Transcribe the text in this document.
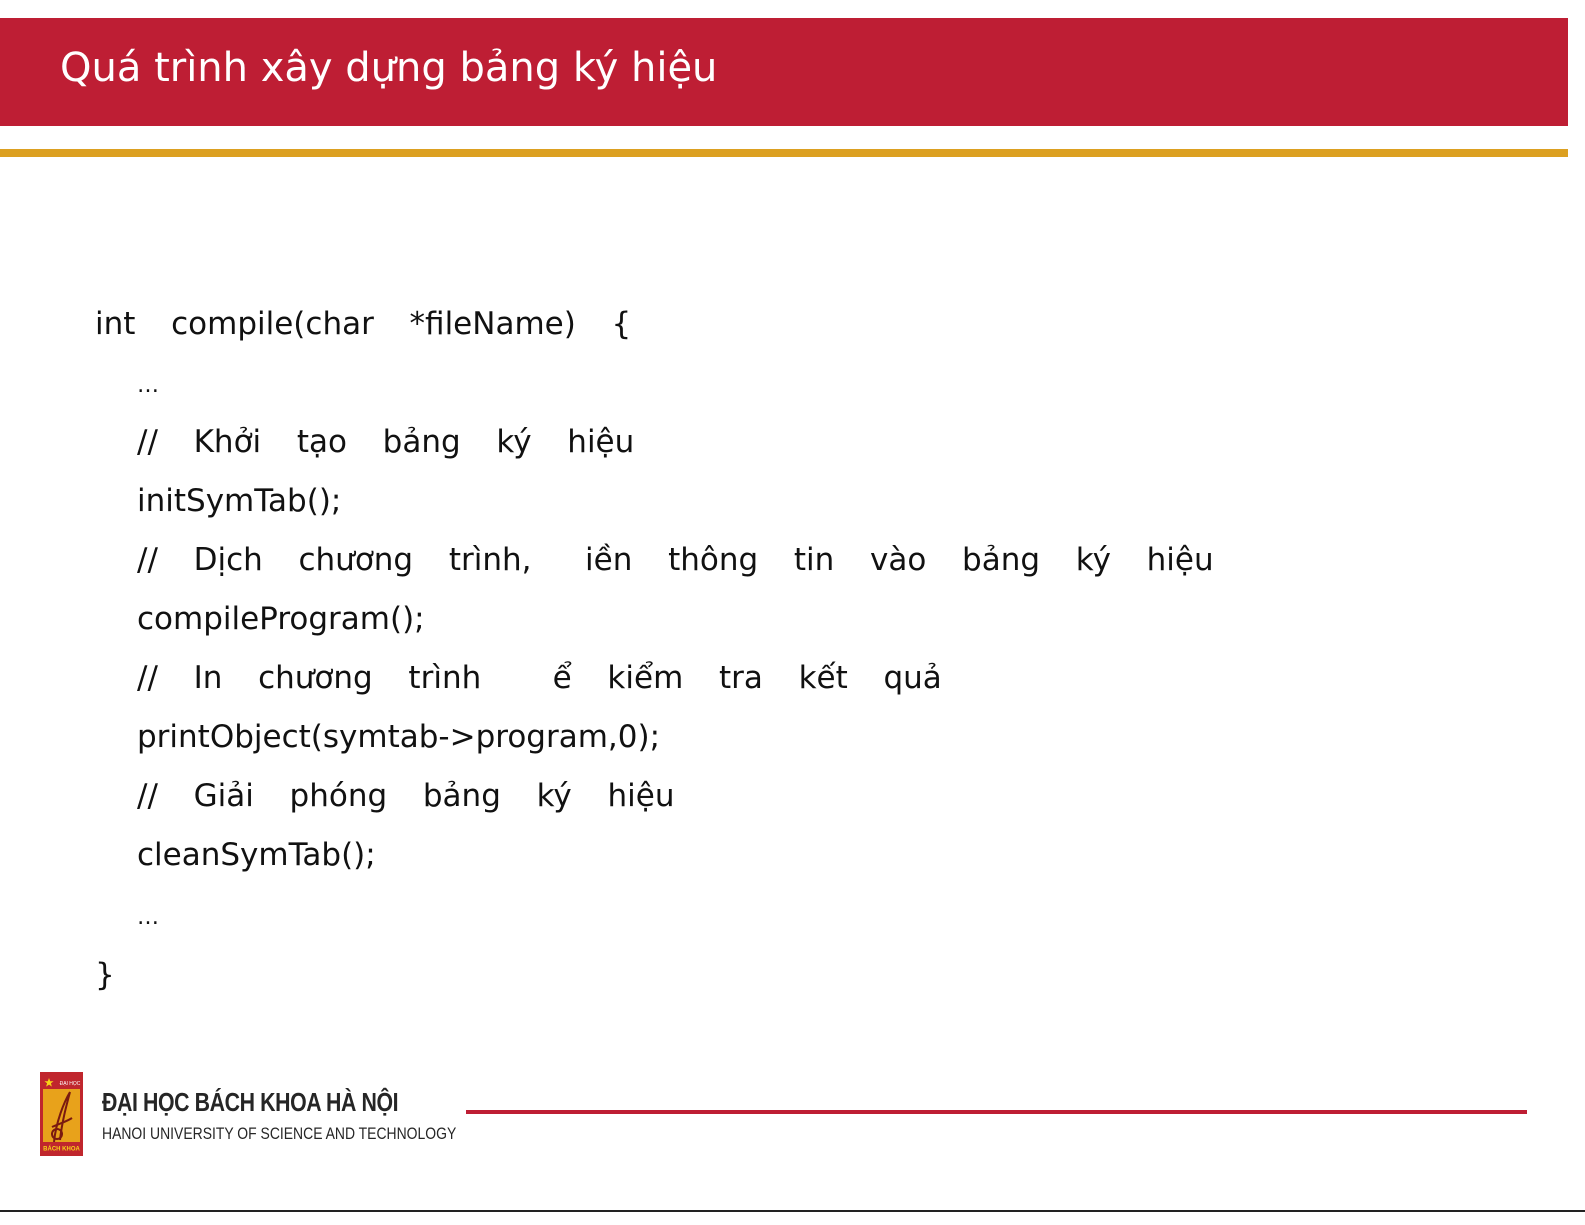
Quá trình xây dựng bảng ký hiệu
int  compile(char  *fileName)  {
…
//  Khởi  tạo  bảng  ký  hiệu
initSymTab();
//  Dịch  chương  trình,   iền  thông  tin  vào  bảng  ký  hiệu
compileProgram();
//  In  chương  trình    ể  kiểm  tra  kết  quả
printObject(symtab->program,0);
//  Giải  phóng  bảng  ký  hiệu
cleanSymTab();
…
}
ĐẠI HỌC
BÁCH KHOA
ĐẠI HỌC BÁCH KHOA HÀ NỘI
HANOI UNIVERSITY OF SCIENCE AND TECHNOLOGY
